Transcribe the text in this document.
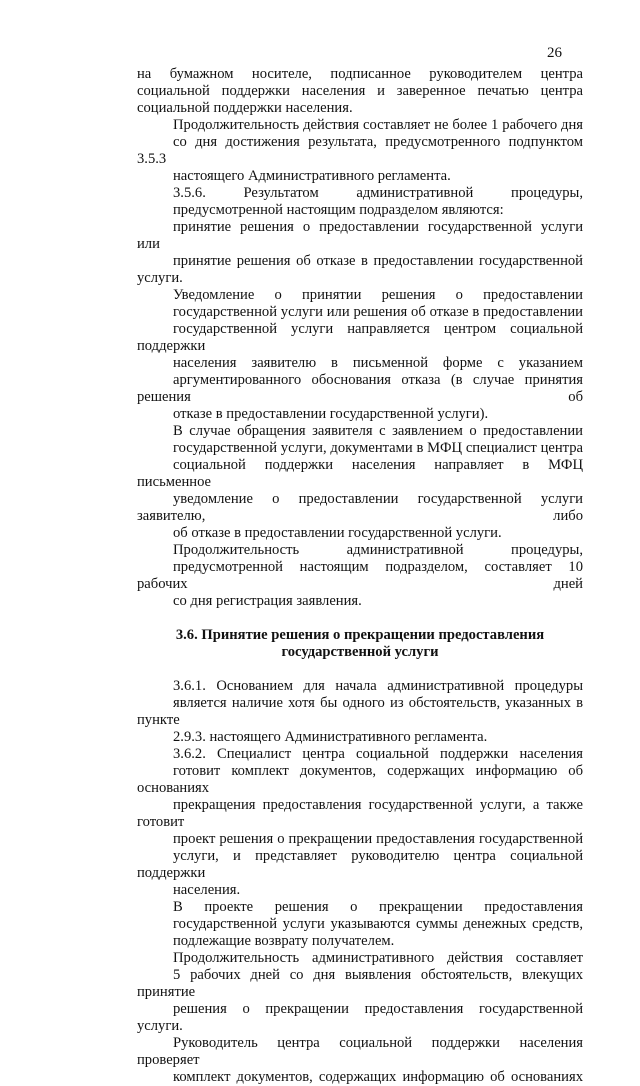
26
на бумажном носителе, подписанное руководителем центра
социальной поддержки населения и заверенное печатью центра
социальной поддержки населения.
Продолжительность действия составляет не более 1 рабочего дня
со дня достижения результата, предусмотренного подпунктом 3.5.3
настоящего Административного регламента.
3.5.6. Результатом административной процедуры,
предусмотренной настоящим подразделом являются:
принятие решения о предоставлении государственной услуги или
принятие решения об отказе в предоставлении государственной услуги.
Уведомление о принятии решения о предоставлении
государственной услуги или решения об отказе в предоставлении
государственной услуги направляется центром социальной поддержки
населения заявителю в письменной форме с указанием
аргументированного обоснования отказа (в случае принятия решения об
отказе в предоставлении государственной услуги).
В случае обращения заявителя с заявлением о предоставлении
государственной услуги, документами в МФЦ специалист центра
социальной поддержки населения направляет в МФЦ письменное
уведомление о предоставлении государственной услуги заявителю, либо
об отказе в предоставлении государственной услуги.
Продолжительность административной процедуры,
предусмотренной настоящим подразделом, составляет 10 рабочих дней
со дня регистрация заявления.
3.6. Принятие решения о прекращении предоставления
государственной услуги
3.6.1. Основанием для начала административной процедуры
является наличие хотя бы одного из обстоятельств, указанных в пункте
2.9.3. настоящего Административного регламента.
3.6.2. Специалист центра социальной поддержки населения
готовит комплект документов, содержащих информацию об основаниях
прекращения предоставления государственной услуги, а также готовит
проект решения о прекращении предоставления государственной
услуги, и представляет руководителю центра социальной поддержки
населения.
В проекте решения о прекращении предоставления
государственной услуги указываются суммы денежных средств,
подлежащие возврату получателем.
Продолжительность административного действия составляет
5 рабочих дней со дня выявления обстоятельств, влекущих принятие
решения о прекращении предоставления государственной услуги.
Руководитель центра социальной поддержки населения проверяет
комплект документов, содержащих информацию об основаниях
